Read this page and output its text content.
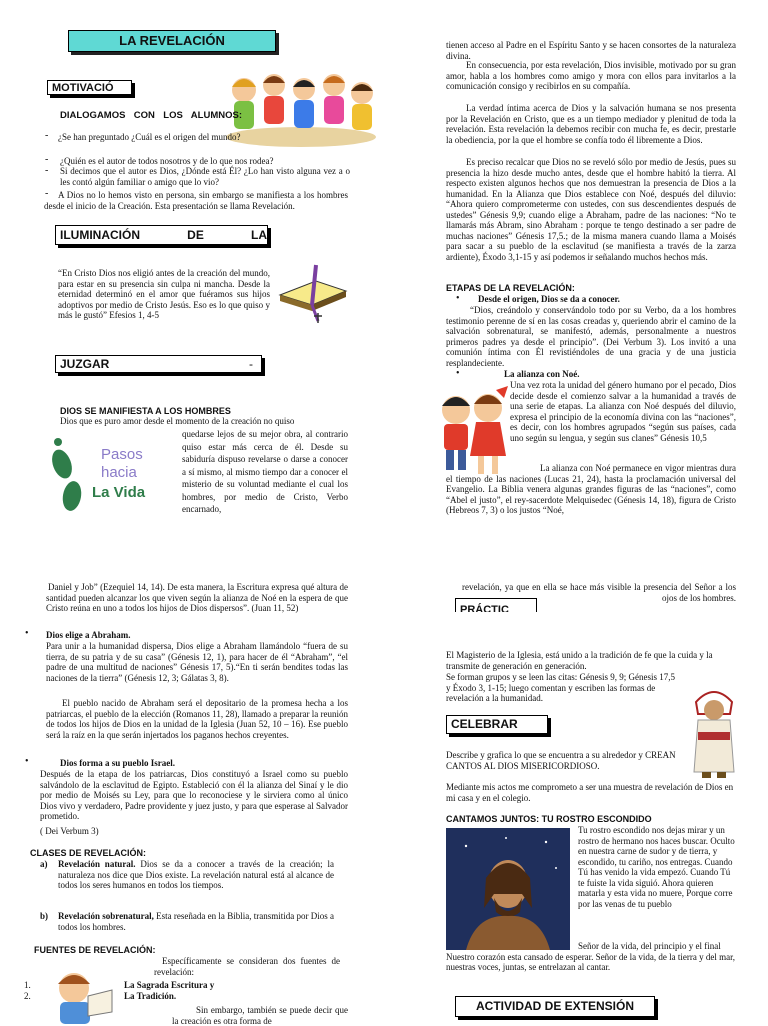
LA REVELACIÓN
MOTIVACIÓ
DIALOGAMOS CON LOS ALUMNOS:
-	¿Se han preguntado ¿Cuál es el origen del mundo?
- ¿Quién es el autor de todos nosotros y de lo que nos rodea?
- Si decimos que el autor es Dios, ¿Dónde está Él? ¿Lo han visto alguna vez a o les contó algún familiar o amigo que lo vio?
-	A Dios no lo hemos visto en persona, sin embargo se manifiesta a los hombres desde el inicio de la Creación. Esta presentación se llama Revelación.
ILUMINACIÓN DE LA
“En Cristo Dios nos eligió antes de la creación del mundo, para estar en su presencia sin culpa ni mancha. Desde la eternidad determinó en el amor que fuéramos sus hijos adoptivos por medio de Cristo Jesús. Eso es lo que quiso y más le gustó” Efesios 1, 4-5
JUZGAR	-
DIOS SE MANIFIESTA A LOS HOMBRES
Dios que es puro amor desde el momento de la creación no quiso
quedarse lejos de su mejor obra, al contrario quiso estar más cerca de él. Desde su sabiduría dispuso revelarse o darse a conocer a sí mismo, al mismo tiempo dar a conocer el misterio de su voluntad mediante el cual los hombres, por medio de Cristo, Verbo encarnado,
Pasos
hacia
La Vida
tienen acceso al Padre en el Espíritu Santo y se hacen consortes de la naturaleza divina.
En consecuencia, por esta revelación, Dios invisible, motivado por su gran amor, habla a los hombres como amigo y mora con ellos para invitarlos a la comunicación consigo y recibirlos en su compañía.
La verdad íntima acerca de Dios y la salvación humana se nos presenta por la Revelación en Cristo, que es a un tiempo mediador y plenitud de toda la revelación. Esta revelación la debemos recibir con mucha fe, es decir, prestarle la obediencia, por la que el hombre se confía todo él libremente a Dios.
Es preciso recalcar que Dios no se reveló sólo por medio de Jesús, pues su presencia la hizo desde mucho antes, desde que el hombre habitó la tierra. Al respecto existen algunos hechos que nos demuestran la presencia de Dios a la humanidad. En la Alianza que Dios establece con Noé, después del diluvio: “Ahora quiero comprometerme con ustedes, con sus descendientes después de ustedes” Génesis 9,9; cuando elige a Abraham, padre de las naciones: “No te llamarás más Abram, sino Abraham : porque te tengo destinado a ser padre de muchas naciones” Génesis 17,5.; de la misma manera cuando llama a Moisés para sacar a su pueblo de la esclavitud (se manifiesta a través de la zarza ardiente), Éxodo 3,1-15 y así podemos ir señalando muchos hechos más.
ETAPAS DE LA REVELACIÓN:
• Desde el origen, Dios se da a conocer.
“Dios, creándolo y conservándolo todo por su Verbo, da a los hombres testimonio perenne de sí en las cosas creadas y, queriendo abrir el camino de la salvación sobrenatural, se manifestó, además, personalmente a nuestros primeros padres ya desde el principio”. (Dei Verbum 3). Los invitó a una comunión íntima con Él revistiéndoles de una gracia y de una justicia resplandeciente.
•	La alianza con Noé.
Una vez rota la unidad del género humano por el pecado, Dios decide desde el comienzo salvar a la humanidad a través de una serie de etapas. La alianza con Noé después del diluvio, expresa el principio de la economía divina con las “naciones”, es decir, con los hombres agrupados “según sus países, cada uno según su lengua, y según sus clanes” Génesis 10,5
La alianza con Noé permanece en vigor mientras dura el tiempo de las naciones (Lucas 21, 24), hasta la proclamación universal del Evangelio. La Biblia venera algunas grandes figuras de las “naciones”, como “Abel el justo”, el rey-sacerdote Melquisedec (Génesis 14, 18), figura de Cristo (Hebreos 7, 3) o los justos “Noé,
Daniel y Job” (Ezequiel 14, 14). De esta manera, la Escritura expresa qué altura de santidad pueden alcanzar los que viven según la alianza de Noé en la espera de que Cristo reúna en uno a todos los hijos de Dios dispersos”. (Juan 11, 52)
• Dios elige a Abraham.
Para unir a la humanidad dispersa, Dios elige a Abraham llamándolo “fuera de su tierra, de su patria y de su casa” (Génesis 12, 1), para hacer de él “Abraham”, “el padre de una multitud de naciones” Génesis 17, 5).“En ti serán bendites todas las naciones de la tierra” (Génesis 12, 3; Gálatas 3, 8).
El pueblo nacido de Abraham será el depositario de la promesa hecha a los patriarcas, el pueblo de la elección (Romanos 11, 28), llamado a preparar la reunión de todos los hijos de Dios en la unidad de la Iglesia (Juan 52, 10 – 16). Ese pueblo será la raíz en la que serán injertados los paganos hechos creyentes.
•	Dios forma a su pueblo Israel.
Después de la etapa de los patriarcas, Dios constituyó a Israel como su pueblo salvándolo de la esclavitud de Egipto. Estableció con él la alianza del Sinaí y le dio por medio de Moisés su Ley, para que lo reconociese y le sirviera como al único Dios vivo y verdadero, Padre providente y juez justo, y para que esperase al Salvador prometido.
( Dei Verbum 3)
CLASES DE REVELACIÓN:
a) Revelación natural. Dios se da a conocer a través de la creación; la naturaleza nos dice que Dios existe. La revelación natural está al alcance de todos los seres humanos en todos los tiempos.
b) Revelación sobrenatural, Esta reseñada en la Biblia, transmitida por Dios a todos los hombres.
FUENTES DE REVELACIÓN:
Específicamente se consideran dos fuentes de revelación:
1.	La Sagrada Escritura y
2.	La Tradición.
Sin embargo, también se puede decir que la creación es otra forma de
revelación, ya que en ella se hace más visible la presencia del Señor a los ojos de los hombres.
PRÁCTIC
El Magisterio de la Iglesia, está unido a la tradición de fe que la cuida y la transmite de generación en generación.
Se forman grupos y se leen las citas: Génesis 9, 9; Génesis 17,5 y Éxodo 3, 1-15; luego comentan y escriben las formas de revelación a la humanidad.
CELEBRAR
Describe y grafica lo que se encuentra a su alrededor y CREAN CANTOS AL DIOS MISERICORDIOSO.
Mediante mis actos me comprometo a ser una muestra de revelación de Dios en mi casa y en el colegio.
CANTAMOS JUNTOS: TU ROSTRO ESCONDIDO
Tu rostro escondido nos dejas mirar y un rostro de hermano nos haces buscar. Oculto en nuestra carne de sudor y de tierra, y escondido, tu cariño, nos entregas. Cuando Tú has venido la vida empezó. Cuando Tú te fuiste la vida siguió. Ahora quieren matarla y esta vida no muere, Porque corre por las venas de tu pueblo
Señor de la vida, del principio y el final Nuestro corazón esta cansado de esperar. Señor de la vida, de la tierra y del mar, nuestras voces, juntas, se entrelazan al cantar.
ACTIVIDAD DE EXTENSIÓN
